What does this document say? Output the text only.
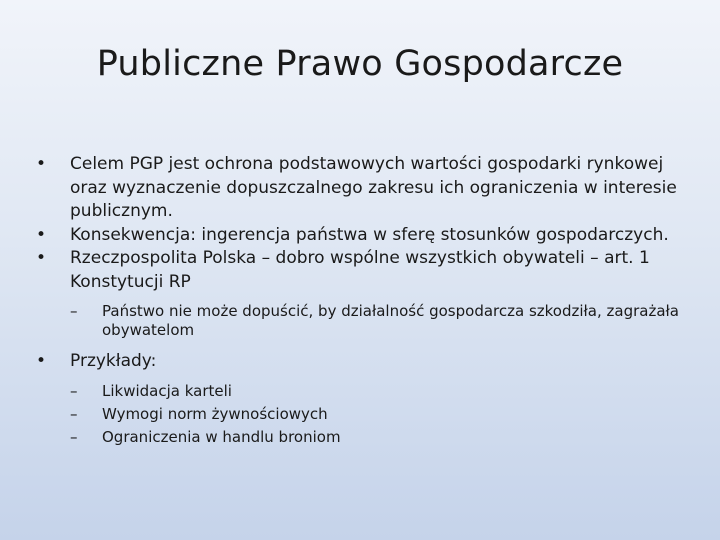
Publiczne Prawo Gospodarcze
•	Celem PGP jest ochrona podstawowych wartości gospodarki rynkowej oraz wyznaczenie dopuszczalnego zakresu ich ograniczenia w interesie publicznym.
•	Konsekwencja: ingerencja państwa w sferę stosunków gospodarczych.
•	Rzeczpospolita Polska – dobro wspólne wszystkich obywateli – art. 1 Konstytucji RP
–	Państwo nie może dopuścić, by działalność gospodarcza szkodziła, zagrażała obywatelom
•	Przykłady:
–	Likwidacja karteli
–	Wymogi norm żywnościowych
–	Ograniczenia w handlu broniom
